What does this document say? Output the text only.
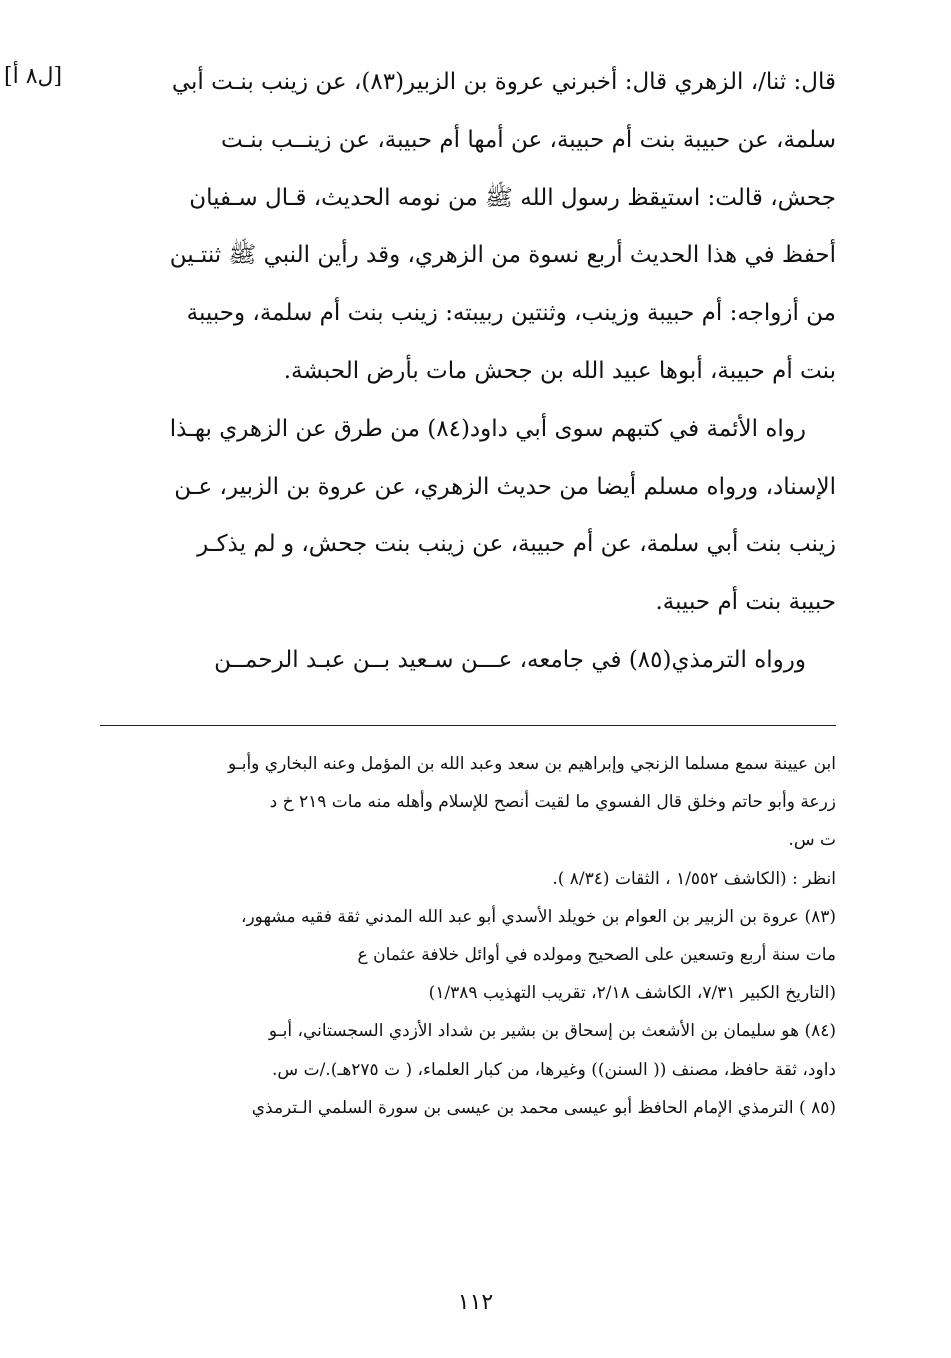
[ل٨ أ]	قال: ثنا/، الزهري قال: أخبرني عروة بن الزبير(٨٣)، عن زينب بنـت أبي
سلمة، عن حبيبة بنت أم حبيبة، عن أمها أم حبيبة، عن زينــب بنـت
جحش، قالت: استيقظ رسول الله ﷺ من نومه الحديث، قـال سـفيان
أحفظ في هذا الحديث أربع نسوة من الزهري، وقد رأين النبي ﷺ ثنتـين
من أزواجه: أم حبيبة وزينب، وثنتين ربيبته: زينب بنت أم سلمة، وحبيبة
بنت أم حبيبة، أبوها عبيد الله بن جحش مات بأرض الحبشة.
رواه الأئمة في كتبهم سوى أبي داود(٨٤) من طرق عن الزهري بهـذا
الإسناد، ورواه مسلم أيضا من حديث الزهري، عن عروة بن الزبير، عـن
زينب بنت أبي سلمة، عن أم حبيبة، عن زينب بنت جحش، و لم يذكـر
حبيبة بنت أم حبيبة.
ورواه الترمذي(٨٥) في جامعه، عـــن سـعيد بــن عبـد الرحمــن
ابن عيينة سمع مسلما الزنجي وإبراهيم بن سعد وعبد الله بن المؤمل وعنه البخاري وأبـو
زرعة وأبو حاتم وخلق قال الفسوي ما لقيت أنصح للإسلام وأهله منه مات ٢١٩ خ د
ت س.
انظر : (الكاشف ١/٥٥٢ ، الثقات (٨/٣٤ ).
(٨٣) عروة بن الزبير بن العوام بن خويلد الأسدي أبو عبد الله المدني ثقة فقيه مشهور،
مات سنة أربع وتسعين على الصحيح ومولده في أوائل خلافة عثمان ع
(التاريخ الكبير ٧/٣١، الكاشف ٢/١٨، تقريب التهذيب ١/٣٨٩)
(٨٤) هو سليمان بن الأشعث بن إسحاق بن بشير بن شداد الأزدي السجستاني، أبـو
داود، ثقة حافظ، مصنف (( السنن)) وغيرها، من كبار العلماء، ( ت ٢٧٥هـ)./ت س.
(٨٥ ) الترمذي الإمام الحافظ أبو عيسى محمد بن عيسى بن سورة السلمي الـترمذي
١١٢
